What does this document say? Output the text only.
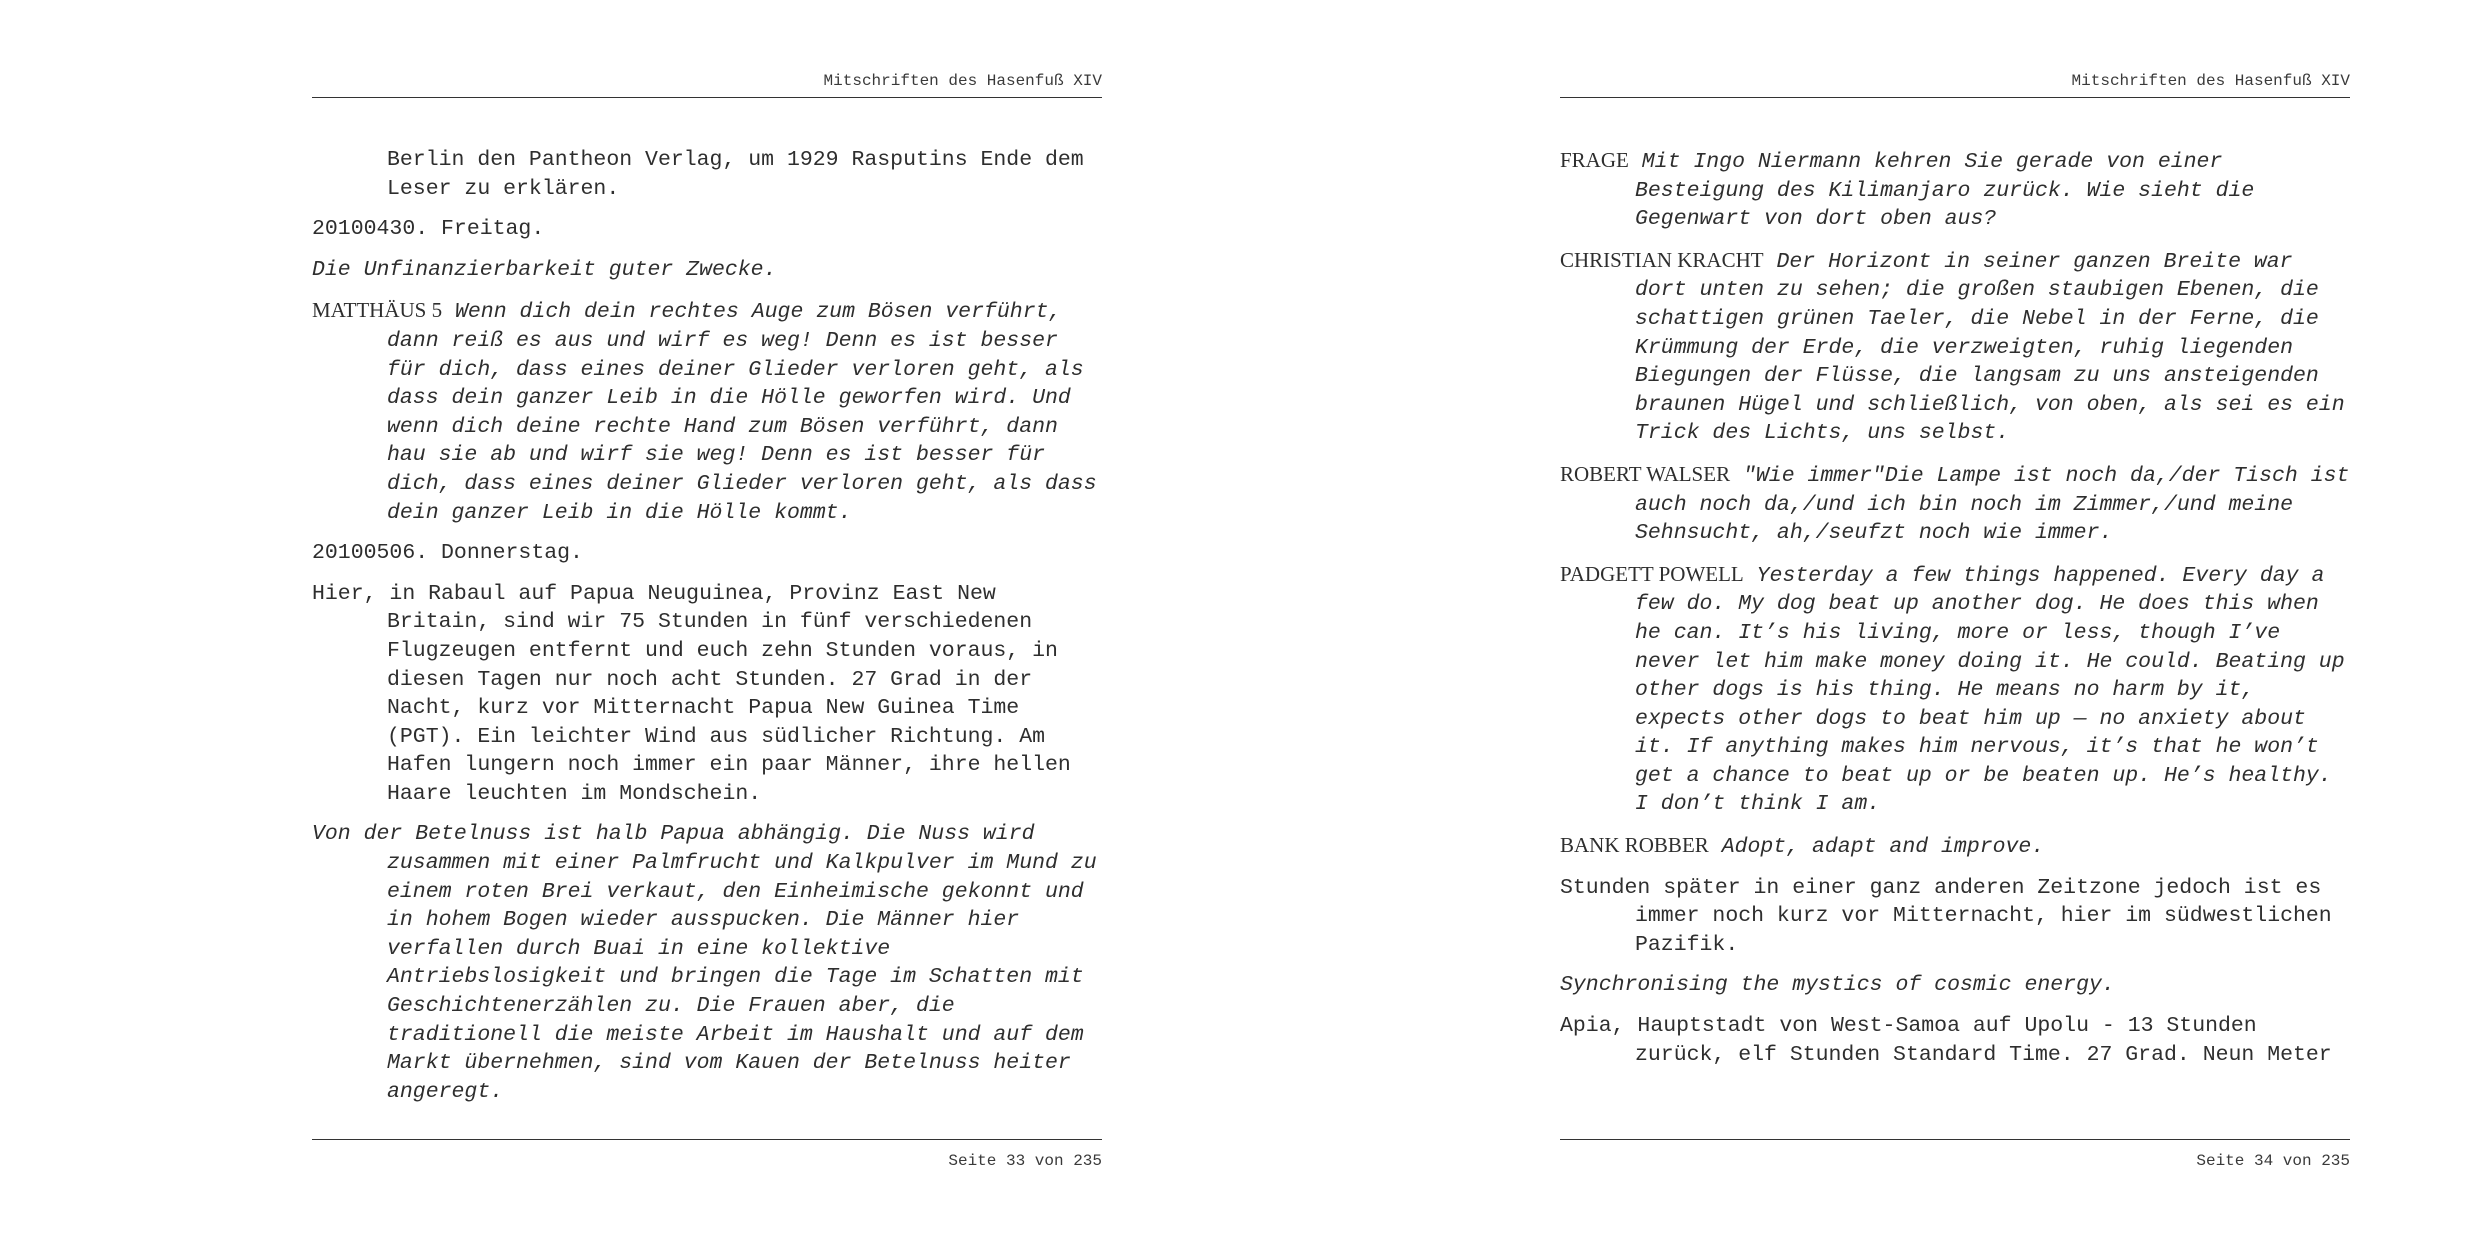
Mitschriften des Hasenfuß XIV

Berlin den Pantheon Verlag, um 1929 Rasputins Ende dem Leser zu erklären.

20100430. Freitag.

Die Unfinanzierbarkeit guter Zwecke.

MATTHÄUS 5 Wenn dich dein rechtes Auge zum Bösen verführt, dann reiß es aus und wirf es weg! Denn es ist besser für dich, dass eines deiner Glieder verloren geht, als dass dein ganzer Leib in die Hölle geworfen wird. Und wenn dich deine rechte Hand zum Bösen verführt, dann hau sie ab und wirf sie weg! Denn es ist besser für dich, dass eines deiner Glieder verloren geht, als dass dein ganzer Leib in die Hölle kommt.

20100506. Donnerstag.

Hier, in Rabaul auf Papua Neuguinea, Provinz East New Britain, sind wir 75 Stunden in fünf verschiedenen Flugzeugen entfernt und euch zehn Stunden voraus, in diesen Tagen nur noch acht Stunden. 27 Grad in der Nacht, kurz vor Mitternacht Papua New Guinea Time (PGT). Ein leichter Wind aus südlicher Richtung. Am Hafen lungern noch immer ein paar Männer, ihre hellen Haare leuchten im Mondschein.

Von der Betelnuss ist halb Papua abhängig. Die Nuss wird zusammen mit einer Palmfrucht und Kalkpulver im Mund zu einem roten Brei verkaut, den Einheimische gekonnt und in hohem Bogen wieder ausspucken. Die Männer hier verfallen durch Buai in eine kollektive Antriebslosigkeit und bringen die Tage im Schatten mit Geschichtenerzählen zu. Die Frauen aber, die traditionell die meiste Arbeit im Haushalt und auf dem Markt übernehmen, sind vom Kauen der Betelnuss heiter angeregt.

Seite 33 von 235
Mitschriften des Hasenfuß XIV

FRAGE Mit Ingo Niermann kehren Sie gerade von einer Besteigung des Kilimanjaro zurück. Wie sieht die Gegenwart von dort oben aus?

CHRISTIAN KRACHT Der Horizont in seiner ganzen Breite war dort unten zu sehen; die großen staubigen Ebenen, die schattigen grünen Taeler, die Nebel in der Ferne, die Krümmung der Erde, die verzweigten, ruhig liegenden Biegungen der Flüsse, die langsam zu uns ansteigenden braunen Hügel und schließlich, von oben, als sei es ein Trick des Lichts, uns selbst.

ROBERT WALSER "Wie immer"Die Lampe ist noch da,/der Tisch ist auch noch da,/und ich bin noch im Zimmer,/und meine Sehnsucht, ah,/seufzt noch wie immer.

PADGETT POWELL Yesterday a few things happened. Every day a few do. My dog beat up another dog. He does this when he can. It’s his living, more or less, though I’ve never let him make money doing it. He could. Beating up other dogs is his thing. He means no harm by it, expects other dogs to beat him up — no anxiety about it. If anything makes him nervous, it’s that he won’t get a chance to beat up or be beaten up. He’s healthy. I don’t think I am.

BANK ROBBER Adopt, adapt and improve.

Stunden später in einer ganz anderen Zeitzone jedoch ist es immer noch kurz vor Mitternacht, hier im südwestlichen Pazifik.

Synchronising the mystics of cosmic energy.

Apia, Hauptstadt von West-Samoa auf Upolu - 13 Stunden zurück, elf Stunden Standard Time. 27 Grad. Neun Meter

Seite 34 von 235
